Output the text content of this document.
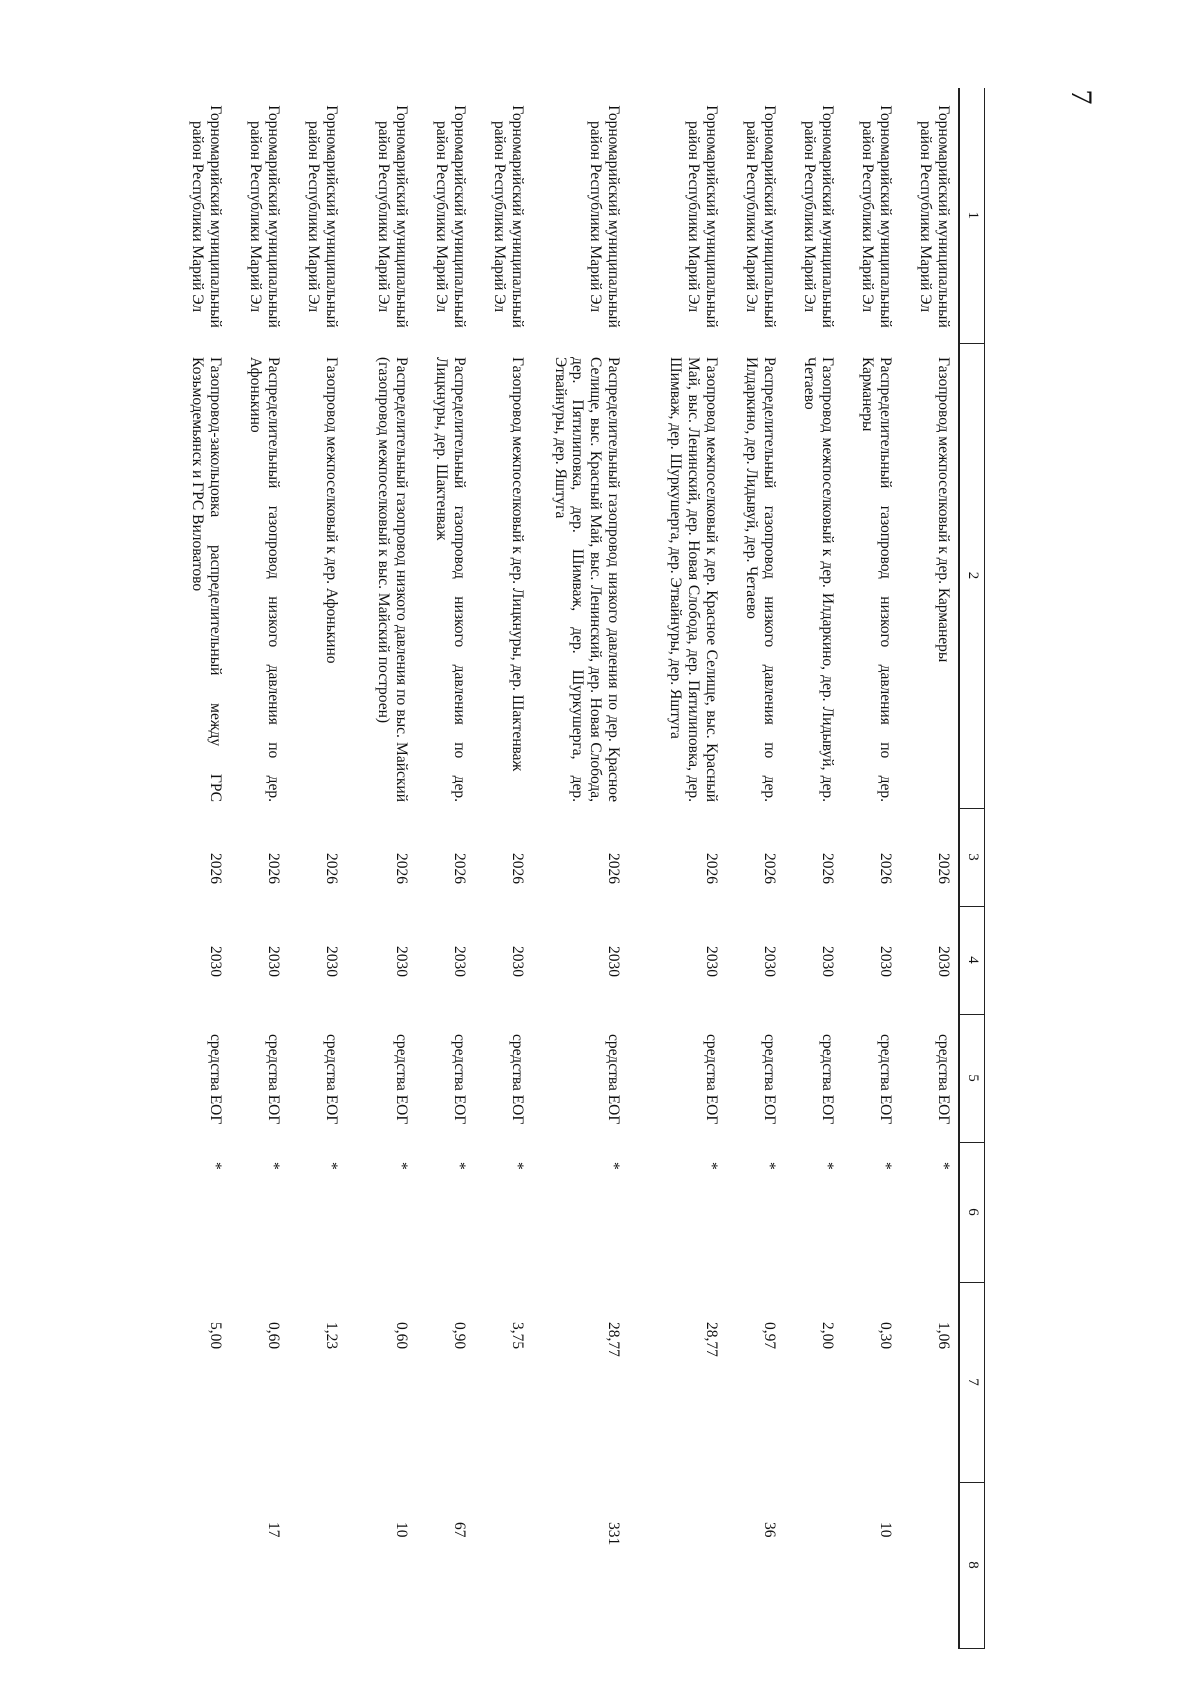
7
1	2	3	4	5	6	7	8
Горномарийский муниципальный район Республики Марий Эл	Газопровод межпоселковый к дер. Карманеры	2026	2030	средства ЕОГ	*	1,06	
Горномарийский муниципальный район Республики Марий Эл	Распределительный газопровод низкого давления по дер. Карманеры	2026	2030	средства ЕОГ	*	0,30	10
Горномарийский муниципальный район Республики Марий Эл	Газопровод межпоселковый к дер. Илдаркино, дер. Лидывуй, дер. Четаево	2026	2030	средства ЕОГ	*	2,00	
Горномарийский муниципальный район Республики Марий Эл	Распределительный газопровод низкого давления по дер. Илдаркино, дер. Лидывуй, дер. Четаево	2026	2030	средства ЕОГ	*	0,97	36
Горномарийский муниципальный район Республики Марий Эл	Газопровод межпоселковый к дер. Красное Селище, выс. Красный Май, выс. Ленинский, дер. Новая Слобода, дер. Пятилиповка, дер. Шимваж, дер. Шуркушерга, дер. Этвайнуры, дер. Яштуга	2026	2030	средства ЕОГ	*	28,77	
Горномарийский муниципальный район Республики Марий Эл	Распределительный газопровод низкого давления по дер. Красное Селище, выс. Красный Май, выс. Ленинский, дер. Новая Слобода, дер. Пятилиповка, дер. Шимваж, дер. Шуркушерга, дер. Этвайнуры, дер. Яштуга	2026	2030	средства ЕОГ	*	28,77	331
Горномарийский муниципальный район Республики Марий Эл	Газопровод межпоселковый к дер. Лицкнуры, дер. Шактенваж	2026	2030	средства ЕОГ	*	3,75	
Горномарийский муниципальный район Республики Марий Эл	Распределительный газопровод низкого давления по дер. Лицкнуры, дер. Шактенваж	2026	2030	средства ЕОГ	*	0,90	67
Горномарийский муниципальный район Республики Марий Эл	Распределительный газопровод низкого давления по выс. Майский (газопровод межпоселковый к выс. Майский построен)	2026	2030	средства ЕОГ	*	0,60	10
Горномарийский муниципальный район Республики Марий Эл	Газопровод межпоселковый к дер. Афонькино	2026	2030	средства ЕОГ	*	1,23	
Горномарийский муниципальный район Республики Марий Эл	Распределительный газопровод низкого давления по дер. Афонькино	2026	2030	средства ЕОГ	*	0,60	17
Горномарийский муниципальный район Республики Марий Эл	Газопровод-закольцовка распределительный между ГРС Козьмодемьянск и ГРС Виловатово	2026	2030	средства ЕОГ	*	5,00	
